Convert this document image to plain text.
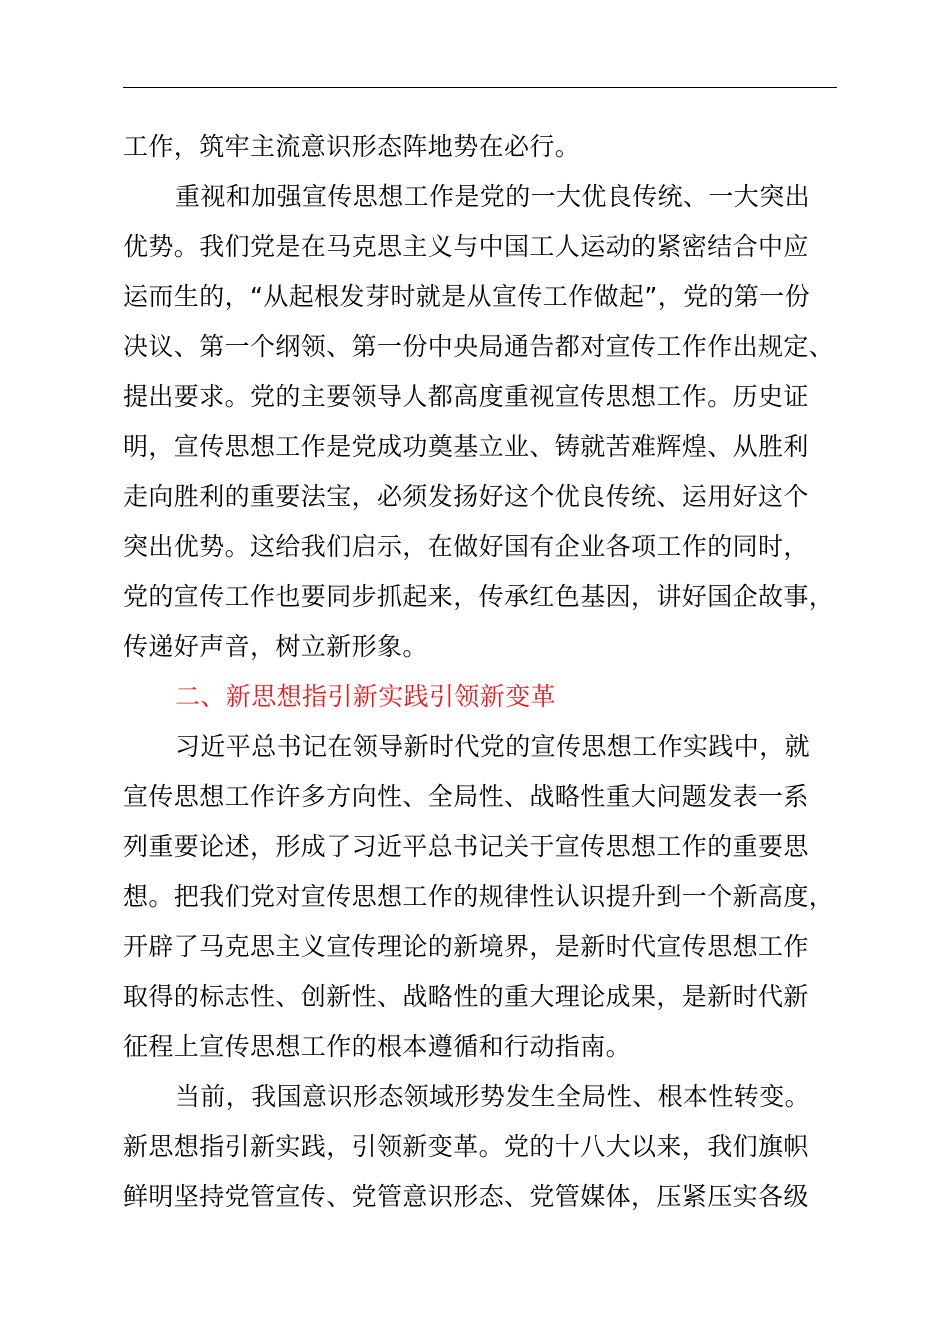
工作，筑牢主流意识形态阵地势在必行。
重视和加强宣传思想工作是党的一大优良传统、一大突出
优势。我们党是在马克思主义与中国工人运动的紧密结合中应
运而生的，“从起根发芽时就是从宣传工作做起”，党的第一份
决议、第一个纲领、第一份中央局通告都对宣传工作作出规定、
提出要求。党的主要领导人都高度重视宣传思想工作。历史证
明，宣传思想工作是党成功奠基立业、铸就苦难辉煌、从胜利
走向胜利的重要法宝，必须发扬好这个优良传统、运用好这个
突出优势。这给我们启示，在做好国有企业各项工作的同时，
党的宣传工作也要同步抓起来，传承红色基因，讲好国企故事，
传递好声音，树立新形象。
二、新思想指引新实践引领新变革
习近平总书记在领导新时代党的宣传思想工作实践中，就
宣传思想工作许多方向性、全局性、战略性重大问题发表一系
列重要论述，形成了习近平总书记关于宣传思想工作的重要思
想。把我们党对宣传思想工作的规律性认识提升到一个新高度，
开辟了马克思主义宣传理论的新境界，是新时代宣传思想工作
取得的标志性、创新性、战略性的重大理论成果，是新时代新
征程上宣传思想工作的根本遵循和行动指南。
当前，我国意识形态领域形势发生全局性、根本性转变。
新思想指引新实践，引领新变革。党的十八大以来，我们旗帜
鲜明坚持党管宣传、党管意识形态、党管媒体，压紧压实各级
